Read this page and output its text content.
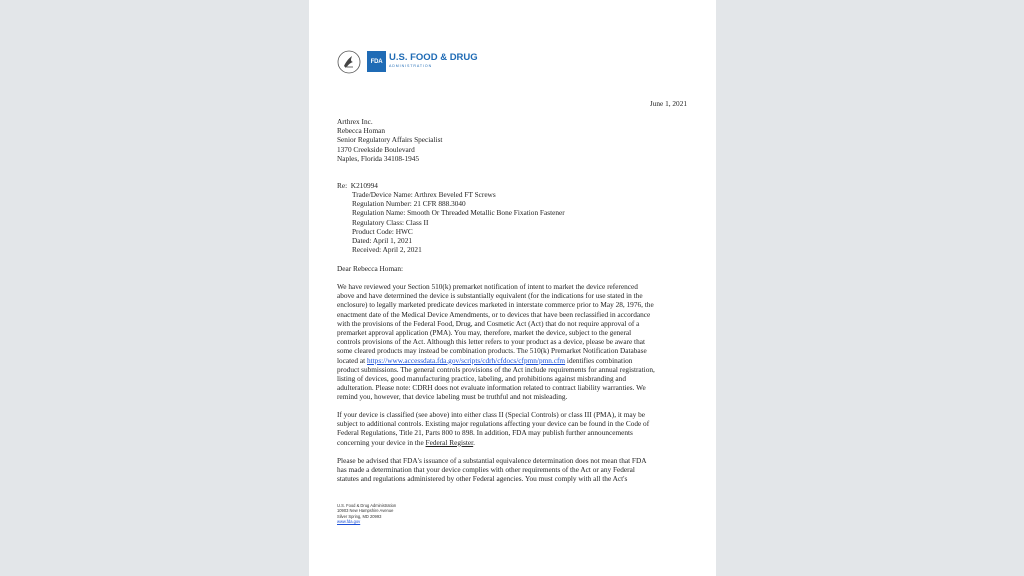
FDA U.S. FOOD & DRUG
ADMINISTRATION
June 1, 2021
Arthrex Inc.
Rebecca Homan
Senior Regulatory Affairs Specialist
1370 Creekside Boulevard
Naples, Florida 34108-1945
Re: K210994
Trade/Device Name: Arthrex Beveled FT Screws
Regulation Number: 21 CFR 888.3040
Regulation Name: Smooth Or Threaded Metallic Bone Fixation Fastener
Regulatory Class: Class II
Product Code: HWC
Dated: April 1, 2021
Received: April 2, 2021
Dear Rebecca Homan:
We have reviewed your Section 510(k) premarket notification of intent to market the device referenced
above and have determined the device is substantially equivalent (for the indications for use stated in the
enclosure) to legally marketed predicate devices marketed in interstate commerce prior to May 28, 1976, the
enactment date of the Medical Device Amendments, or to devices that have been reclassified in accordance
with the provisions of the Federal Food, Drug, and Cosmetic Act (Act) that do not require approval of a
premarket approval application (PMA). You may, therefore, market the device, subject to the general
controls provisions of the Act. Although this letter refers to your product as a device, please be aware that
some cleared products may instead be combination products. The 510(k) Premarket Notification Database
located at https://www.accessdata.fda.gov/scripts/cdrh/cfdocs/cfpmn/pmn.cfm identifies combination
product submissions. The general controls provisions of the Act include requirements for annual registration,
listing of devices, good manufacturing practice, labeling, and prohibitions against misbranding and
adulteration. Please note: CDRH does not evaluate information related to contract liability warranties. We
remind you, however, that device labeling must be truthful and not misleading.
If your device is classified (see above) into either class II (Special Controls) or class III (PMA), it may be
subject to additional controls. Existing major regulations affecting your device can be found in the Code of
Federal Regulations, Title 21, Parts 800 to 898. In addition, FDA may publish further announcements
concerning your device in the Federal Register.
Please be advised that FDA's issuance of a substantial equivalence determination does not mean that FDA
has made a determination that your device complies with other requirements of the Act or any Federal
statutes and regulations administered by other Federal agencies. You must comply with all the Act's
U.S. Food & Drug Administration
10903 New Hampshire Avenue
Silver Spring, MD 20993
www.fda.gov
